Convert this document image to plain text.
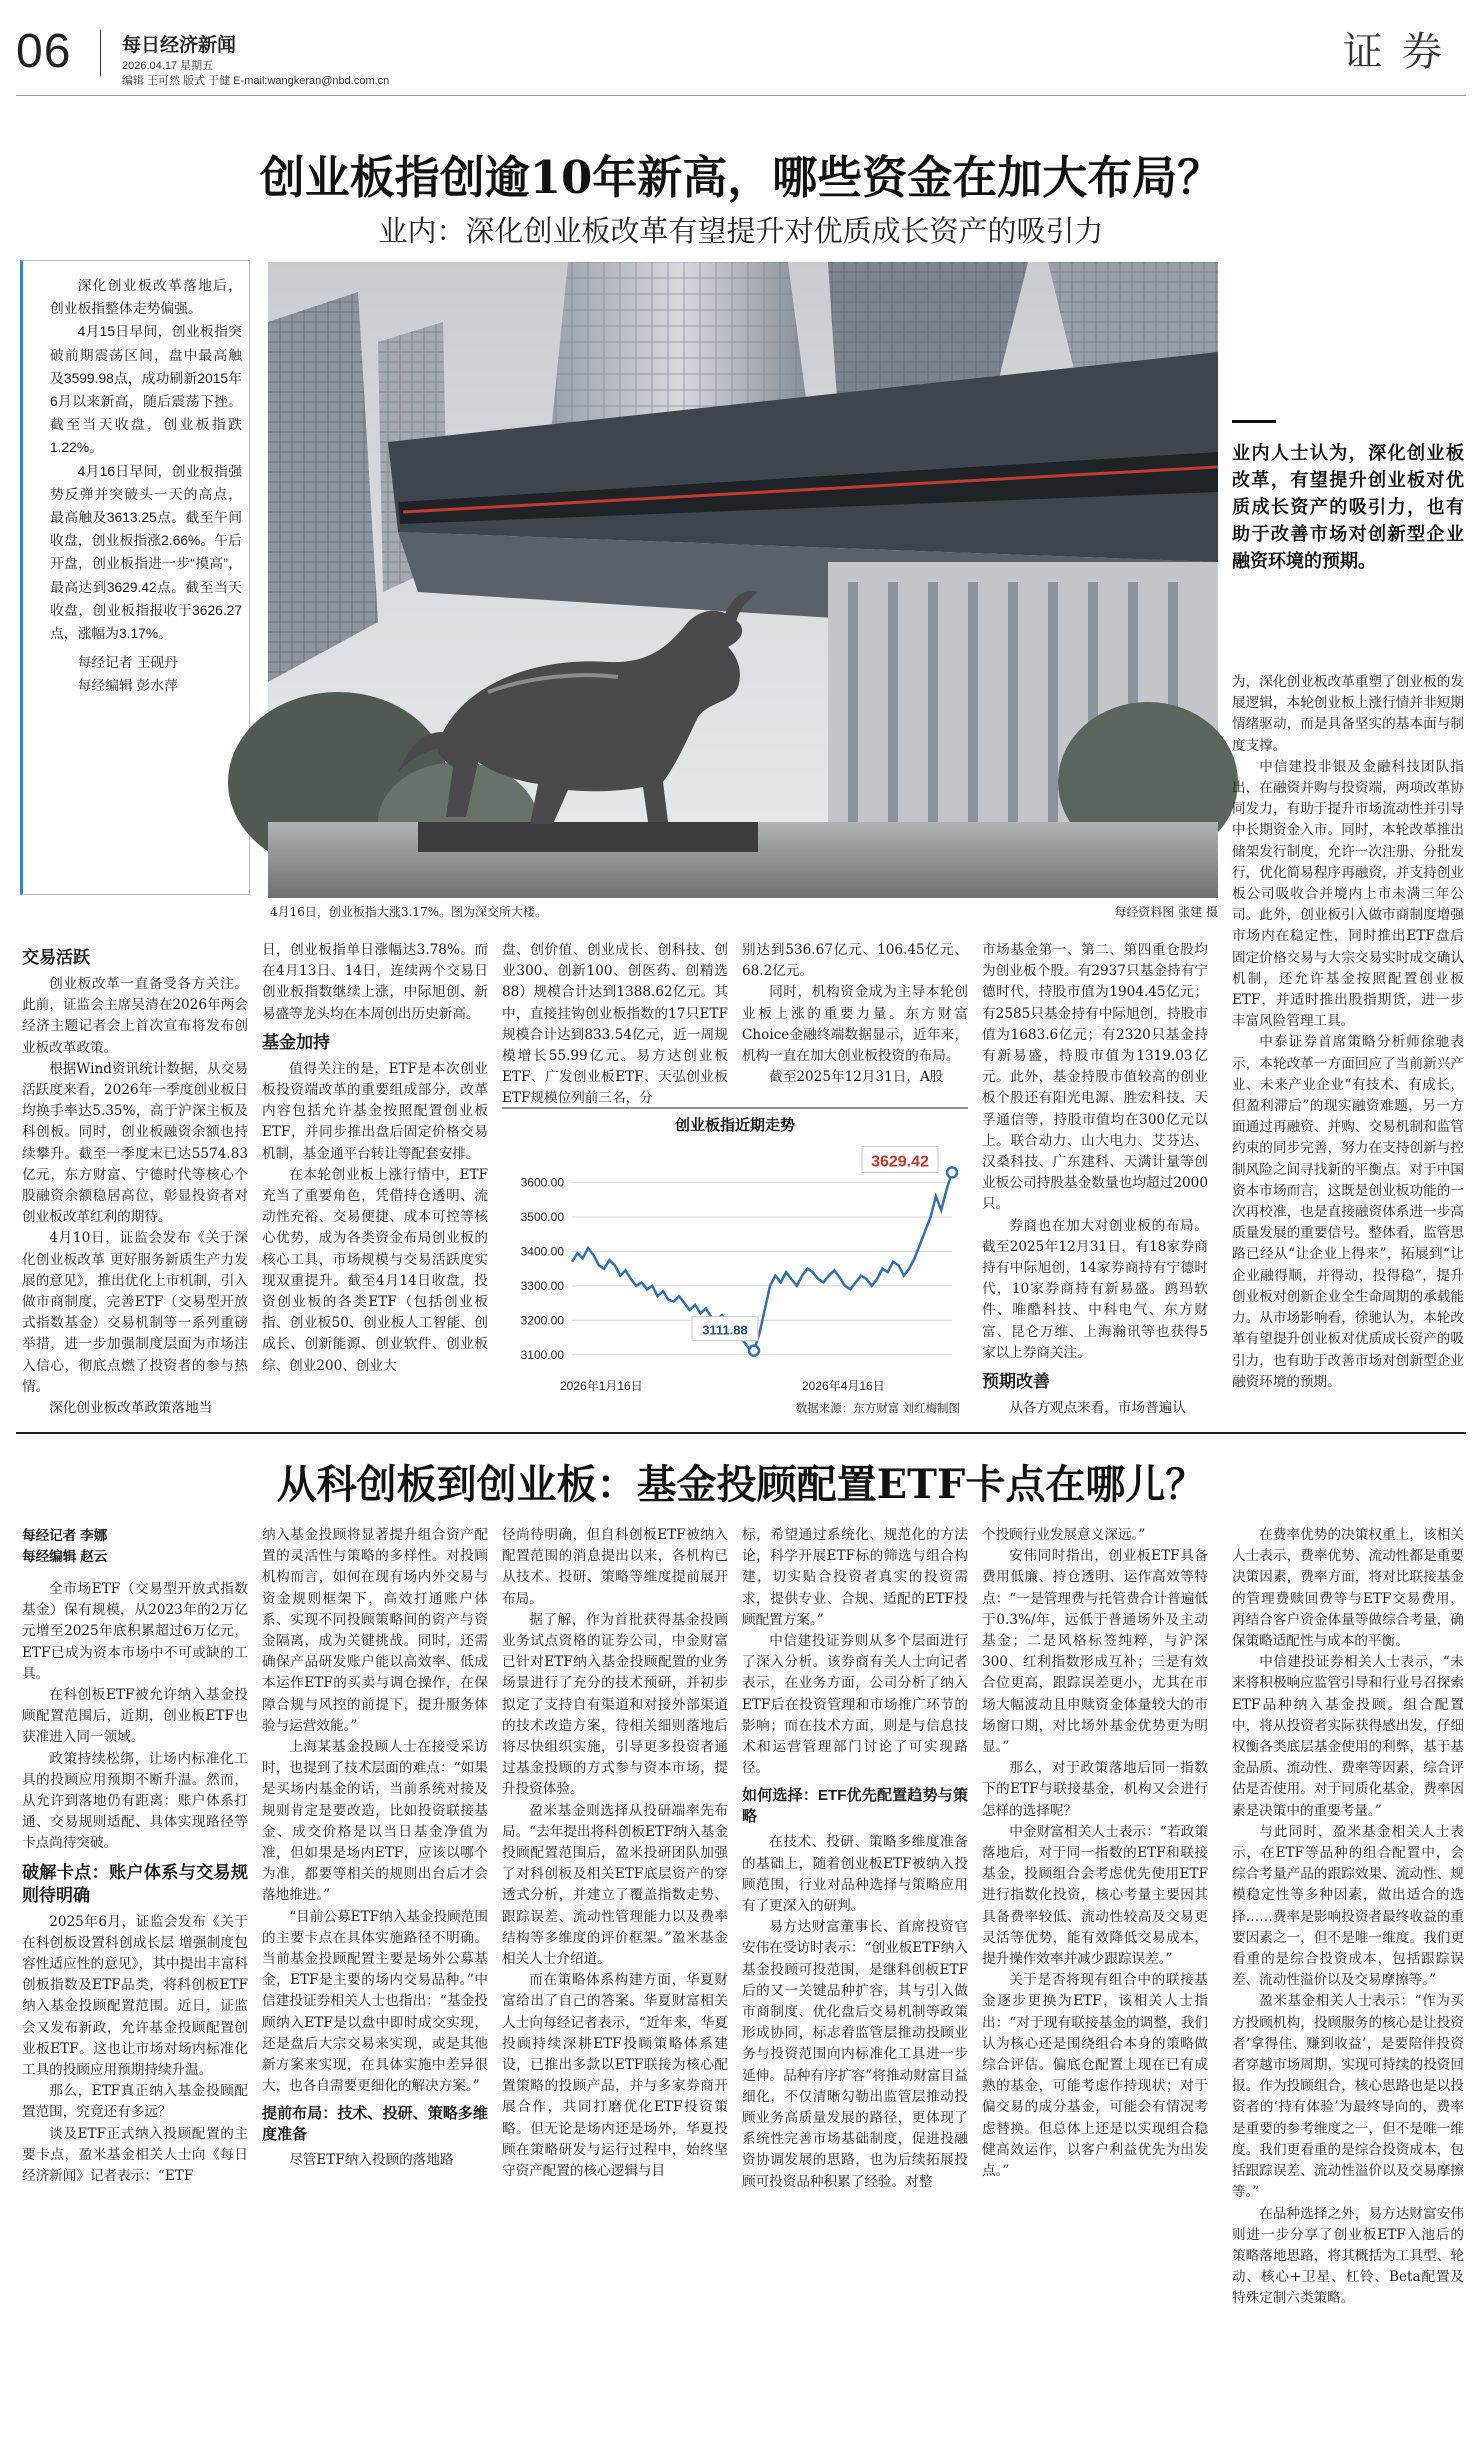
06	每日经济新闻
2026.04.17 星期五
编辑 王可然 版式 于健 E-mail:wangkeran@nbd.com.cn
证 券
创业板指创逾10年新高，哪些资金在加大布局？
业内：深化创业板改革有望提升对优质成长资产的吸引力

深化创业板改革落地后，创业板指整体走势偏强。

4月15日早间，创业板指突破前期震荡区间，盘中最高触及3599.98点，成功刷新2015年6月以来新高，随后震荡下挫。截至当天收盘，创业板指跌1.22%。

4月16日早间，创业板指强势反弹并突破头一天的高点，最高触及3613.25点。截至午间收盘，创业板指涨2.66%。午后开盘，创业板指进一步“摸高”，最高达到3629.42点。截至当天收盘，创业板指报收于3626.27点，涨幅为3.17%。

每经记者 王砚丹
每经编辑 彭水萍
4月16日，创业板指大涨3.17%。图为深交所大楼。	每经资料图 张建 摄
业内人士认为，深化创业板改革，有望提升创业板对优质成长资产的吸引力，也有助于改善市场对创新型企业融资环境的预期。

为，深化创业板改革重塑了创业板的发展逻辑，本轮创业板上涨行情并非短期情绪驱动，而是具备坚实的基本面与制度支撑。

中信建投非银及金融科技团队指出，在融资并购与投资端，两项改革协同发力，有助于提升市场流动性并引导中长期资金入市。同时，本轮改革推出储架发行制度，允许一次注册、分批发行，优化简易程序再融资，并支持创业板公司吸收合并境内上市未满三年公司。此外，创业板引入做市商制度增强市场内在稳定性，同时推出ETF盘后固定价格交易与大宗交易实时成交确认机制，还允许基金按照配置创业板ETF，并适时推出股指期货，进一步丰富风险管理工具。

中泰证券首席策略分析师徐驰表示，本轮改革一方面回应了当前新兴产业、未来产业企业“有技术、有成长，但盈利滞后”的现实融资难题，另一方面通过再融资、并购、交易机制和监管约束的同步完善，努力在支持创新与控制风险之间寻找新的平衡点。对于中国资本市场而言，这既是创业板功能的一次再校准，也是直接融资体系进一步高质量发展的重要信号。整体看，监管思路已经从“让企业上得来”，拓展到“让企业融得顺，并得动，投得稳”，提升创业板对创新企业全生命周期的承载能力。从市场影响看，徐驰认为，本轮改革有望提升创业板对优质成长资产的吸引力，也有助于改善市场对创新型企业融资环境的预期。

交易活跃

创业板改革一直备受各方关注。此前，证监会主席吴清在2026年两会经济主题记者会上首次宣布将发布创业板改革政策。

根据Wind资讯统计数据，从交易活跃度来看，2026年一季度创业板日均换手率达5.35%，高于沪深主板及科创板。同时，创业板融资余额也持续攀升。截至一季度末已达5574.83亿元，东方财富、宁德时代等核心个股融资余额稳居高位，彰显投资者对创业板改革红利的期待。

4月10日，证监会发布《关于深化创业板改革 更好服务新质生产力发展的意见》，推出优化上市机制，引入做市商制度，完善ETF（交易型开放式指数基金）交易机制等一系列重磅举措，进一步加强制度层面为市场注入信心，彻底点燃了投资者的参与热情。

深化创业板改革政策落地当

日，创业板指单日涨幅达3.78%。而在4月13日、14日，连续两个交易日创业板指数继续上涨，中际旭创、新易盛等龙头均在本周创出历史新高。

基金加持

值得关注的是，ETF是本次创业板投资端改革的重要组成部分，改革内容包括允许基金按照配置创业板ETF，并同步推出盘后固定价格交易机制，基金通平台转让等配套安排。

在本轮创业板上涨行情中，ETF充当了重要角色，凭借持仓透明、流动性充裕、交易便捷、成本可控等核心优势，成为各类资金布局创业板的核心工具，市场规模与交易活跃度实现双重提升。截至4月14日收盘，投资创业板的各类ETF（包括创业板指、创业板50、创业板人工智能、创成长、创新能源、创业软件、创业板综、创业200、创业大

盘、创价值、创业成长、创科技、创业300、创新100、创医药、创精选88）规模合计达到1388.62亿元。其中，直接挂钩创业板指数的17只ETF规模合计达到833.54亿元，近一周规模增长55.99亿元。易方达创业板ETF、广发创业板ETF、天弘创业板ETF规模位列前三名，分

别达到536.67亿元、106.45亿元、68.2亿元。

同时，机构资金成为主导本轮创业板上涨的重要力量。东方财富Choice金融终端数据显示，近年来，机构一直在加大创业板投资的布局。

截至2025年12月31日，A股

市场基金第一、第二、第四重仓股均为创业板个股。有2937只基金持有宁德时代，持股市值为1904.45亿元；有2585只基金持有中际旭创，持股市值为1683.6亿元；有2320只基金持有新易盛，持股市值为1319.03亿元。此外，基金持股市值较高的创业板个股还有阳光电源、胜宏科技、天孚通信等，持股市值均在300亿元以上。联合动力、山大电力、艾芬达、汉桑科技、广东建科、天满计量等创业板公司持股基金数量也均超过2000只。

券商也在加大对创业板的布局。截至2025年12月31日，有18家券商持有中际旭创，14家券商持有宁德时代，10家券商持有新易盛。鸥玛软件、唯酷科技、中科电气、东方财富、昆仑万维、上海瀚讯等也获得5家以上券商关注。

预期改善

从各方观点来看，市场普遍认

创业板指近期走势
3100.00
3200.00
3300.00
3400.00
3500.00
3600.00
3111.88
3629.42
2026年1月16日	2026年4月16日
数据来源：东方财富 刘红梅制图
从科创板到创业板：基金投顾配置ETF卡点在哪儿？
每经记者 李娜
每经编辑 赵云

全市场ETF（交易型开放式指数基金）保有规模，从2023年的2万亿元增至2025年底积累超过6万亿元，ETF已成为资本市场中不可或缺的工具。

在科创板ETF被允许纳入基金投顾配置范围后，近期，创业板ETF也获准进入同一领域。

政策持续松绑，让场内标准化工具的投顾应用预期不断升温。然而，从允许到落地仍有距离：账户体系打通、交易规则适配、具体实现路径等卡点尚待突破。

破解卡点：账户体系与交易规则待明确

2025年6月，证监会发布《关于在科创板设置科创成长层 增强制度包容性适应性的意见》，其中提出丰富科创板指数及ETF品类，将科创板ETF纳入基金投顾配置范围。近日，证监会又发布新政，允许基金投顾配置创业板ETF。这也让市场对场内标准化工具的投顾应用预期持续升温。

那么，ETF真正纳入基金投顾配置范围，究竟还有多远？

谈及ETF正式纳入投顾配置的主要卡点，盈米基金相关人士向《每日经济新闻》记者表示：“ETF

纳入基金投顾将显著提升组合资产配置的灵活性与策略的多样性。对投顾机构而言，如何在现有场内外交易与资金规则框架下，高效打通账户体系、实现不同投顾策略间的资产与资金隔离，成为关键挑战。同时，还需确保产品研发账户能以高效率、低成本运作ETF的买卖与调仓操作，在保障合规与风控的前提下，提升服务体验与运营效能。”

上海某基金投顾人士在接受采访时，也提到了技术层面的难点：“如果是买场内基金的话，当前系统对接及规则肯定是要改造，比如投资联接基金、成交价格是以当日基金净值为准，但如果是场内ETF，应该以哪个为准，都要等相关的规则出台后才会落地推进。”

“目前公募ETF纳入基金投顾范围的主要卡点在具体实施路径不明确。当前基金投顾配置主要是场外公募基金，ETF是主要的场内交易品种。”中信建投证券相关人士也指出：“基金投顾纳入ETF是以盘中即时成交实现，还是盘后大宗交易来实现，或是其他新方案来实现，在具体实施中差异很大，也各自需要更细化的解决方案。”

提前布局：技术、投研、策略多维度准备

尽管ETF纳入投顾的落地路

径尚待明确，但自科创板ETF被纳入配置范围的消息提出以来，各机构已从技术、投研、策略等维度提前展开布局。

据了解，作为首批获得基金投顾业务试点资格的证券公司，中金财富已针对ETF纳入基金投顾配置的业务场景进行了充分的技术预研，并初步拟定了支持自有渠道和对接外部渠道的技术改造方案，待相关细则落地后将尽快组织实施，引导更多投资者通过基金投顾的方式参与资本市场，提升投资体验。

盈米基金则选择从投研端率先布局。“去年提出将科创板ETF纳入基金投顾配置范围后，盈米投研团队加强了对科创板及相关ETF底层资产的穿透式分析，并建立了覆盖指数走势、跟踪误差、流动性管理能力以及费率结构等多维度的评价框架。”盈米基金相关人士介绍道。

而在策略体系构建方面，华夏财富给出了自己的答案。华夏财富相关人士向每经记者表示，“近年来，华夏投顾持续深耕ETF投顾策略体系建设，已推出多款以ETF联接为核心配置策略的投顾产品，并与多家券商开展合作，共同打磨优化ETF投资策略。但无论是场内还是场外，华夏投顾在策略研发与运行过程中，始终坚守资产配置的核心逻辑与目

标，希望通过系统化、规范化的方法论，科学开展ETF标的筛选与组合构建，切实贴合投资者真实的投资需求，提供专业、合规、适配的ETF投顾配置方案。”

中信建投证券则从多个层面进行了深入分析。该券商有关人士向记者表示，在业务方面，公司分析了纳入ETF后在投资管理和市场推广环节的影响；而在技术方面，则是与信息技术和运营管理部门讨论了可实现路径。

如何选择：ETF优先配置趋势与策略

在技术、投研、策略多维度准备的基础上，随着创业板ETF被纳入投顾范围，行业对品种选择与策略应用有了更深入的研判。

易方达财富董事长、首席投资官安伟在受访时表示：“创业板ETF纳入基金投顾可投范围，是继科创板ETF后的又一关键品种扩容，其与引入做市商制度、优化盘后交易机制等政策形成协同，标志着监管层推动投顾业务与投资范围向内标准化工具进一步延伸。品种有序扩容”将推动财富目益细化，不仅清晰勾勒出监管层推动投顾业务高质量发展的路径，更体现了系统性完善市场基础制度，促进投融资协调发展的思路，也为后续拓展投顾可投资品种积累了经验。对整

个投顾行业发展意义深远。”

安伟同时指出，创业板ETF具备费用低廉、持仓透明、运作高效等特点：“一是管理费与托管费合计普遍低于0.3%/年，远低于普通场外及主动基金；二是风格标签纯粹，与沪深300、红利指数形成互补；三是有效合位更高，跟踪误差更小，尤其在市场大幅波动且申赎资金体量较大的市场窗口期，对比场外基金优势更为明显。”

那么，对于政策落地后同一指数下的ETF与联接基金，机构又会进行怎样的选择呢？

中金财富相关人士表示：“若政策落地后，对于同一指数的ETF和联接基金，投顾组合会考虑优先使用ETF进行指数化投资，核心考量主要因其具备费率较低、流动性较高及交易更灵活等优势，能有效降低交易成本，提升操作效率并减少跟踪误差。”

关于是否将现有组合中的联接基金逐步更换为ETF，该相关人士指出：“对于现有联接基金的调整，我们认为核心还是围绕组合本身的策略做综合评估。偏底仓配置上现在已有成熟的基金，可能考虑作持现状；对于偏交易的成分基金，可能会有情况考虑替换。但总体上还是以实现组合稳健高效运作，以客户利益优先为出发点。”

在费率优势的决策权重上，该相关人士表示，费率优势、流动性都是重要决策因素，费率方面，将对比联接基金的管理费赎回费等与ETF交易费用，再结合客户资金体量等做综合考量，确保策略适配性与成本的平衡。

中信建投证券相关人士表示，“未来将积极响应监管引导和行业号召探索ETF品种纳入基金投顾。组合配置中，将从投资者实际获得感出发，仔细权衡各类底层基金使用的利弊，基于基金品质、流动性、费率等因素，综合评估是否使用。对于同质化基金，费率因素是决策中的重要考量。”

与此同时，盈米基金相关人士表示，在ETF等品种的组合配置中，会综合考量产品的跟踪效果、流动性、规模稳定性等多种因素，做出适合的选择……费率是影响投资者最终收益的重要因素之一，但不是唯一维度。我们更看重的是综合投资成本，包括跟踪误差、流动性溢价以及交易摩擦等。”

盈米基金相关人士表示：“作为买方投顾机构，投顾服务的核心是让投资者‘拿得住、赚到收益’，是要陪伴投资者穿越市场周期，实现可持续的投资回报。作为投顾组合，核心思路也是以投资者的‘持有体验’为最终导向的，费率是重要的参考维度之一，但不是唯一维度。我们更看重的是综合投资成本，包括跟踪误差、流动性溢价以及交易摩擦等。”

在品种选择之外，易方达财富安伟则进一步分享了创业板ETF入池后的策略落地思路，将其概括为工具型、轮动、核心+卫星、杠铃、Beta配置及特殊定制六类策略。
